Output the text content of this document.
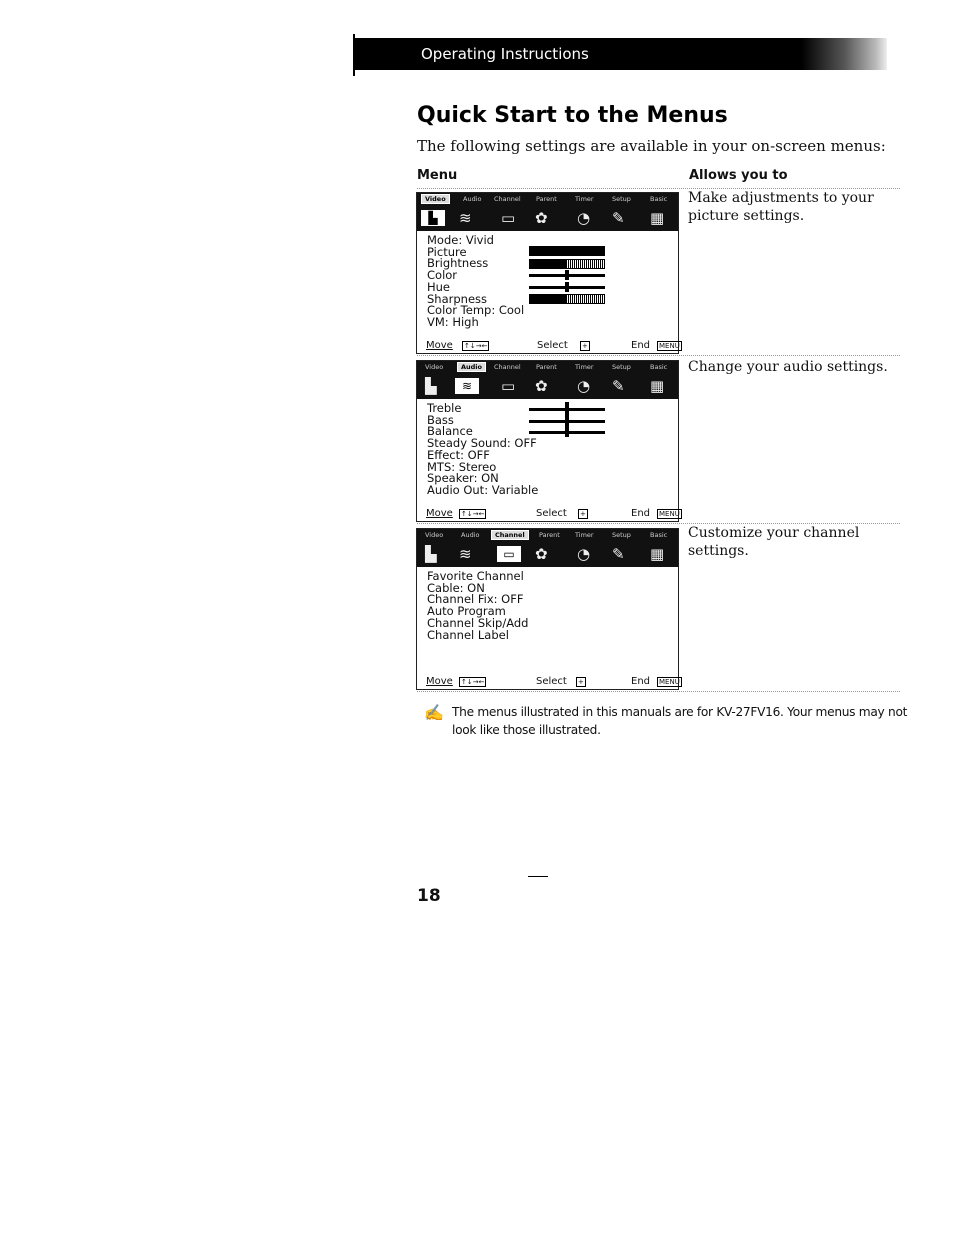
Operating Instructions
Quick Start to the Menus
The following settings are available in your on-screen menus:
Menu	Allows you to
Video	Audio Channel Parent	Timer	Setup	Basic
▙	≋ ▭ ✿ ◔ ✎ ▦
Mode: Vivid
Picture
Brightness
Color
Hue
Sharpness
Color Temp: Cool
VM: High
Move ↑↓→←	Select +	End MENU
Make adjustments to your picture settings.
Video	Audio	Channel Parent	Timer	Setup	Basic
▙	≋	▭ ✿ ◔ ✎ ▦
Treble
Bass
Balance
Steady Sound: OFF
Effect: OFF
MTS: Stereo
Speaker: ON
Audio Out: Variable
Move ↑↓→←	Select +	End MENU
Change your audio settings.
Video	Audio	Channel	Parent Timer	Setup	Basic
▙ ≋	▭	✿ ◔ ✎ ▦
Favorite Channel
Cable: ON
Channel Fix: OFF
Auto Program
Channel Skip/Add
Channel Label
Move ↑↓→←	Select +	End MENU
Customize your channel settings.
✍ The menus illustrated in this manuals are for KV-27FV16. Your menus may not look like those illustrated.
18
